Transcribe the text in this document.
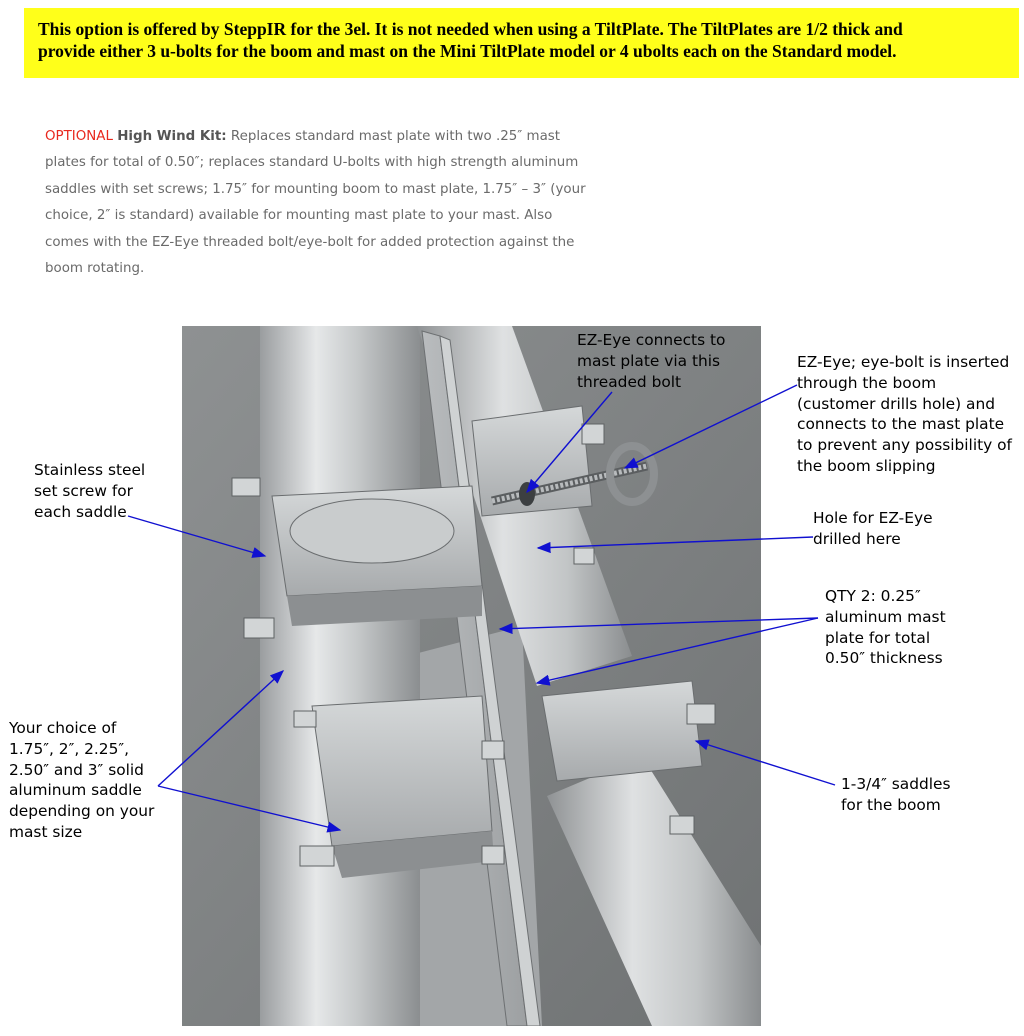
This option is offered by SteppIR for the 3el. It is not needed when using a TiltPlate. The TiltPlates are 1/2 thick and
provide either 3 u-bolts for the boom and mast on the Mini TiltPlate model or 4 ubolts each on the Standard model.
OPTIONAL High Wind Kit: Replaces standard mast plate with two .25″ mast
plates for total of 0.50″; replaces standard U-bolts with high strength aluminum
saddles with set screws; 1.75″ for mounting boom to mast plate, 1.75″ – 3″ (your
choice, 2″ is standard) available for mounting mast plate to your mast. Also
comes with the EZ-Eye threaded bolt/eye-bolt for added protection against the
boom rotating.
EZ-Eye connects to
mast plate via this
threaded bolt
EZ-Eye; eye-bolt is inserted
through the boom
(customer drills hole) and
connects to the mast plate
to prevent any possibility of
the boom slipping
Stainless steel
set screw for
each saddle	Hole for EZ-Eye
drilled here
QTY 2: 0.25″
aluminum mast
plate for total
0.50″ thickness
Your choice of
1.75″, 2″, 2.25″,
2.50″ and 3″ solid
aluminum saddle
depending on your
mast size
1-3/4″ saddles
for the boom
